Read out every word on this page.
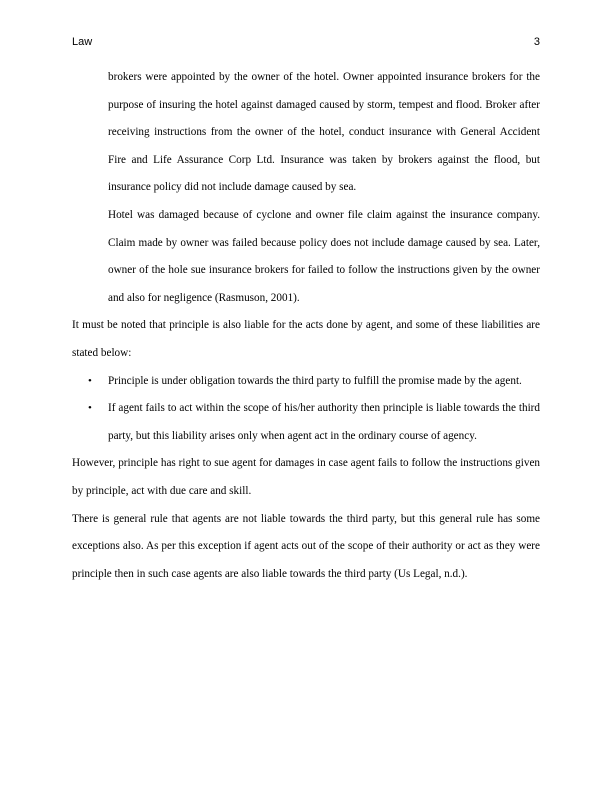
Law	3

brokers were appointed by the owner of the hotel. Owner appointed insurance brokers for the purpose of insuring the hotel against damaged caused by storm, tempest and flood. Broker after receiving instructions from the owner of the hotel, conduct insurance with General Accident Fire and Life Assurance Corp Ltd. Insurance was taken by brokers against the flood, but insurance policy did not include damage caused by sea.

Hotel was damaged because of cyclone and owner file claim against the insurance company. Claim made by owner was failed because policy does not include damage caused by sea. Later, owner of the hole sue insurance brokers for failed to follow the instructions given by the owner and also for negligence (Rasmuson, 2001).

It must be noted that principle is also liable for the acts done by agent, and some of these liabilities are stated below:

• Principle is under obligation towards the third party to fulfill the promise made by the agent.
• If agent fails to act within the scope of his/her authority then principle is liable towards the third party, but this liability arises only when agent act in the ordinary course of agency.

However, principle has right to sue agent for damages in case agent fails to follow the instructions given by principle, act with due care and skill.

There is general rule that agents are not liable towards the third party, but this general rule has some exceptions also. As per this exception if agent acts out of the scope of their authority or act as they were principle then in such case agents are also liable towards the third party (Us Legal, n.d.).
